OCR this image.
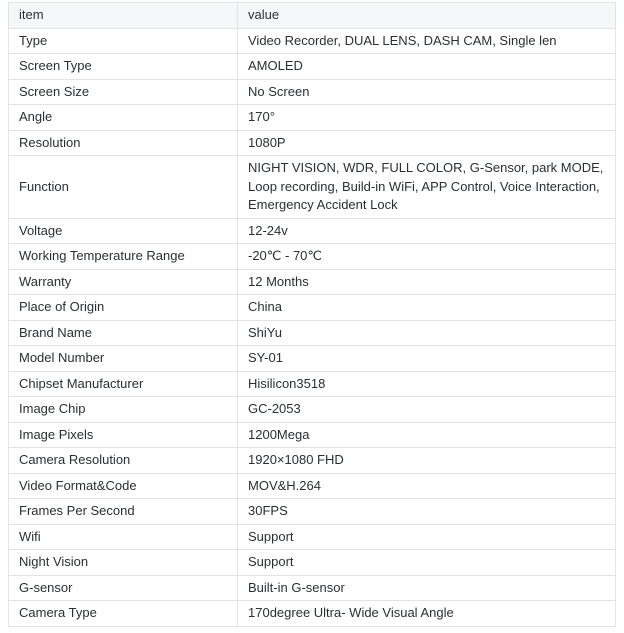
item	value
Type	Video Recorder, DUAL LENS, DASH CAM, Single len
Screen Type	AMOLED
Screen Size	No Screen
Angle	170°
Resolution	1080P
Function	NIGHT VISION, WDR, FULL COLOR, G-Sensor, park MODE, Loop recording, Build-in WiFi, APP Control, Voice Interaction, Emergency Accident Lock
Voltage	12-24v
Working Temperature Range	-20℃ - 70℃
Warranty	12 Months
Place of Origin	China
Brand Name	ShiYu
Model Number	SY-01
Chipset Manufacturer	Hisilicon3518
Image Chip	GC-2053
Image Pixels	1200Mega
Camera Resolution	1920×1080 FHD
Video Format&Code	MOV&H.264
Frames Per Second	30FPS
Wifi	Support
Night Vision	Support
G-sensor	Built-in G-sensor
Camera Type	170degree Ultra- Wide Visual Angle
